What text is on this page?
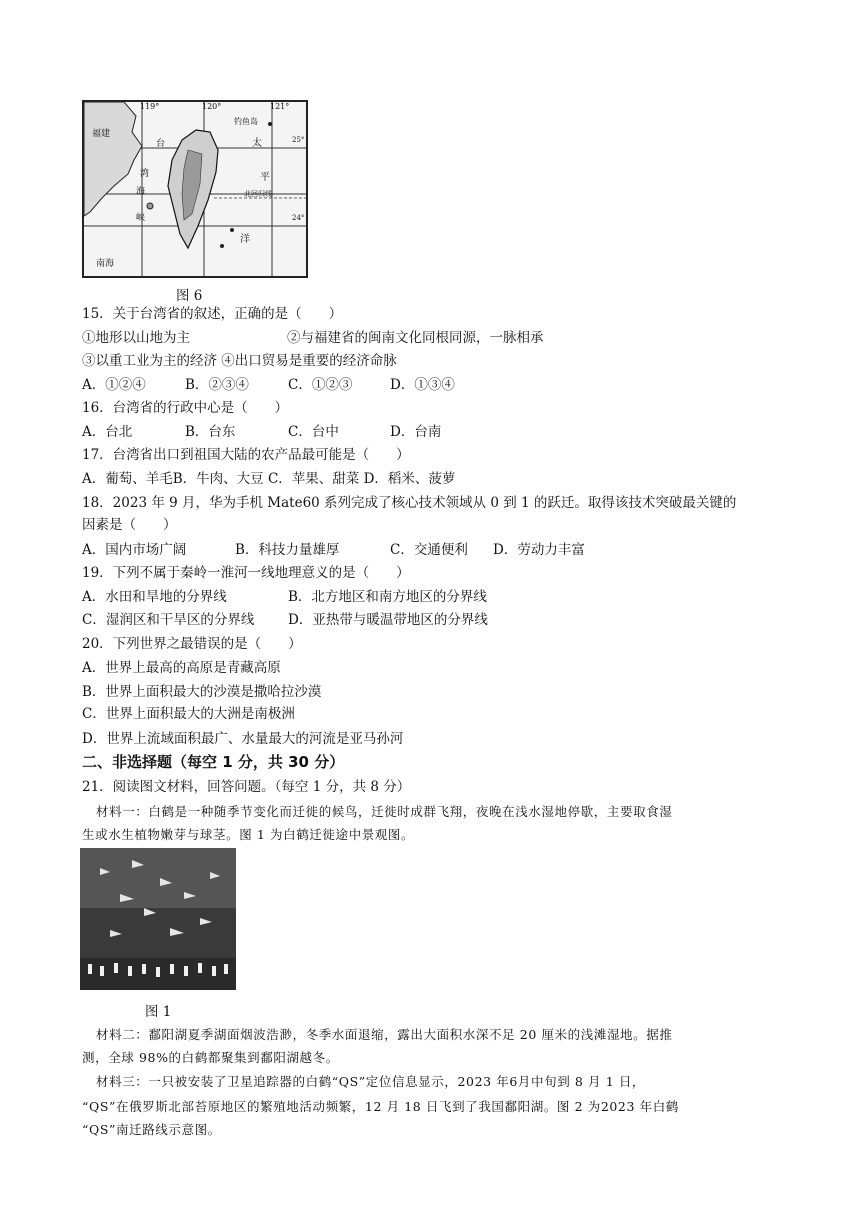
119°	120°	121°
福建
钓鱼岛
太
平
洋
南海
台
湾
海
峡
北回归线
25°
24°
图 6
15．关于台湾省的叙述，正确的是（　　）
①地形以山地为主	②与福建省的闽南文化同根同源，一脉相承
③以重工业为主的经济 ④出口贸易是重要的经济命脉
A．①②④	B．②③④	C．①②③	D．①③④
16．台湾省的行政中心是（　　）
A．台北	B．台东	C．台中	D．台南
17．台湾省出口到祖国大陆的农产品最可能是（　　）
A．葡萄、羊毛B．牛肉、大豆 C．苹果、甜菜 D．稻米、菠萝
18．2023 年 9 月，华为手机 Mate60 系列完成了核心技术领域从 0 到 1 的跃迁。取得该技术突破最关键的
因素是（　　）
A．国内市场广阔	B．科技力量雄厚	C．交通便利 D．劳动力丰富
19．下列不属于秦岭一淮河一线地理意义的是（　　）
A．水田和旱地的分界线	B．北方地区和南方地区的分界线
C．湿润区和干旱区的分界线 D．亚热带与暖温带地区的分界线
20．下列世界之最错误的是（　　）
A．世界上最高的高原是青藏高原
B．世界上面积最大的沙漠是撒哈拉沙漠
C．世界上面积最大的大洲是南极洲
D．世界上流域面积最广、水量最大的河流是亚马孙河
二、非选择题（每空 1 分，共 30 分）
21．阅读图文材料，回答问题。（每空 1 分，共 8 分）
材料一：白鹤是一种随季节变化而迁徙的候鸟，迁徙时成群飞翔，夜晚在浅水湿地停歇，主要取食湿
生或水生植物嫩芽与球茎。图 1 为白鹤迁徙途中景观图。
图 1
材料二：鄱阳湖夏季湖面烟波浩渺，冬季水面退缩，露出大面积水深不足 20 厘米的浅滩湿地。据推
测，全球 98%的白鹤都聚集到鄱阳湖越冬。
材料三：一只被安装了卫星追踪器的白鹤“QS”定位信息显示，2023 年6月中旬到 8 月 1 日，
“QS”在俄罗斯北部苔原地区的繁殖地活动频繁，12 月 18 日飞到了我国鄱阳湖。图 2 为2023 年白鹤
“QS”南迁路线示意图。
